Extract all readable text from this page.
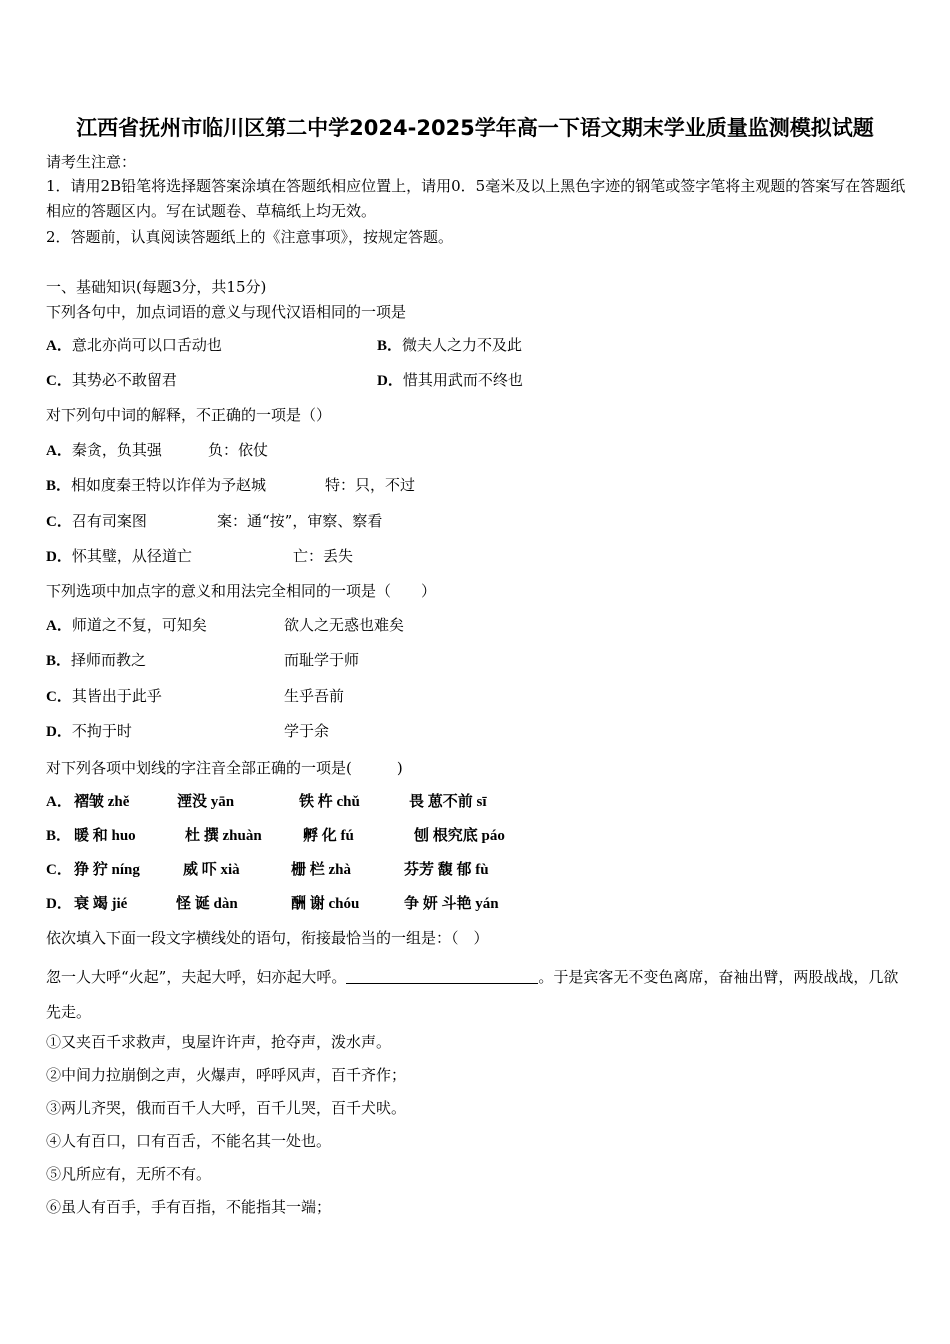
江西省抚州市临川区第二中学2024-2025学年高一下语文期末学业质量监测模拟试题
请考生注意：
1．请用2B铅笔将选择题答案涂填在答题纸相应位置上，请用0．5毫米及以上黑色字迹的钢笔或签字笔将主观题的答案写在答题纸相应的答题区内。写在试题卷、草稿纸上均无效。
2．答题前，认真阅读答题纸上的《注意事项》，按规定答题。
一、基础知识(每题3分，共15分)
下列各句中，加点词语的意义与现代汉语相同的一项是
A．意北亦尚可以口舌动也	B．微夫人之力不及此
C．其势必不敢留君	D．惜其用武而不终也
对下列句中词的解释，不正确的一项是（）
A．秦贪，负其强	负：依仗
B．相如度秦王特以诈佯为予赵城	特：只，不过
C．召有司案图	案：通“按”，审察、察看
D．怀其璧，从径道亡	亡：丢失
下列选项中加点字的意义和用法完全相同的一项是（　　）
A．师道之不复，可知矣	欲人之无惑也难矣
B．择师而教之	而耻学于师
C．其皆出于此乎	生乎吾前
D．不拘于时	学于余
对下列各项中划线的字注音全部正确的一项是(　　　)
A． 褶皱 zhě	湮没 yān	铁 杵 chǔ	畏 葸不前 sī
B． 暖 和 huo	杜 撰 zhuàn	孵 化 fú	刨 根究底 páo
C． 狰 狞 níng	威 吓 xià	栅 栏 zhà	芬芳 馥 郁 fù
D． 衰 竭 jié	怪 诞 dàn	酬 谢 chóu	争 妍 斗艳 yán
依次填入下面一段文字横线处的语句，衔接最恰当的一组是：（　）
忽一人大呼“火起”，夫起大呼，妇亦起大呼。	。于是宾客无不变色离席，奋袖出臂，两股战战，几欲先走。
①又夹百千求救声，曳屋许许声，抢夺声，泼水声。
②中间力拉崩倒之声，火爆声，呼呼风声，百千齐作；
③两儿齐哭，俄而百千人大呼，百千儿哭，百千犬吠。
④人有百口，口有百舌，不能名其一处也。
⑤凡所应有，无所不有。
⑥虽人有百手，手有百指，不能指其一端；
